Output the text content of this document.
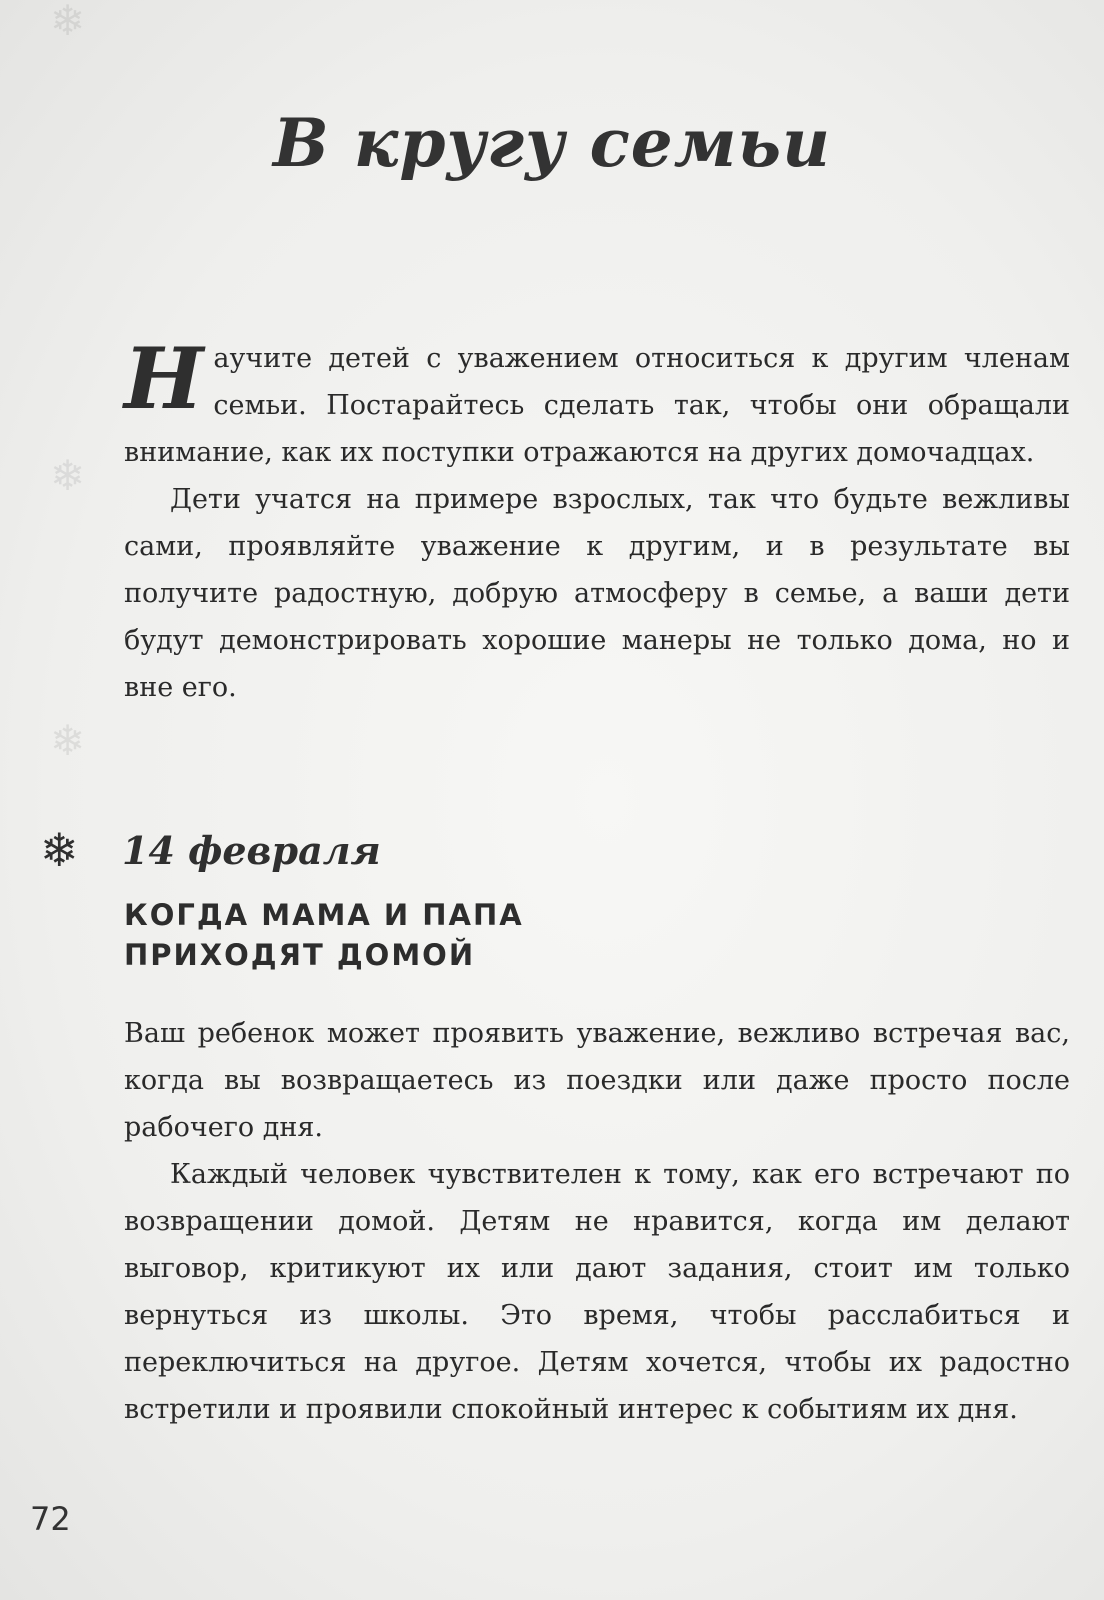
❄
❄
❄
В кругу семьи

Научите детей с уважением относиться к другим членам семьи. Постарайтесь сделать так, чтобы они обращали внимание, как их поступки отражаются на других домочадцах.

Дети учатся на примере взрослых, так что будьте вежливы сами, проявляйте уважение к другим, и в результате вы получите радостную, добрую атмосферу в семье, а ваши дети будут демонстрировать хорошие манеры не только дома, но и вне его.

❄	14 февраля
КОГДА МАМА И ПАПА
ПРИХОДЯТ ДОМОЙ

Ваш ребенок может проявить уважение, вежливо встречая вас, когда вы возвращаетесь из поездки или даже просто после рабочего дня.

Каждый человек чувствителен к тому, как его встречают по возвращении домой. Детям не нравится, когда им делают выговор, критикуют их или дают задания, стоит им только вернуться из школы. Это время, чтобы расслабиться и переключиться на другое. Детям хочется, чтобы их радостно встретили и проявили спокойный интерес к событиям их дня.

72
